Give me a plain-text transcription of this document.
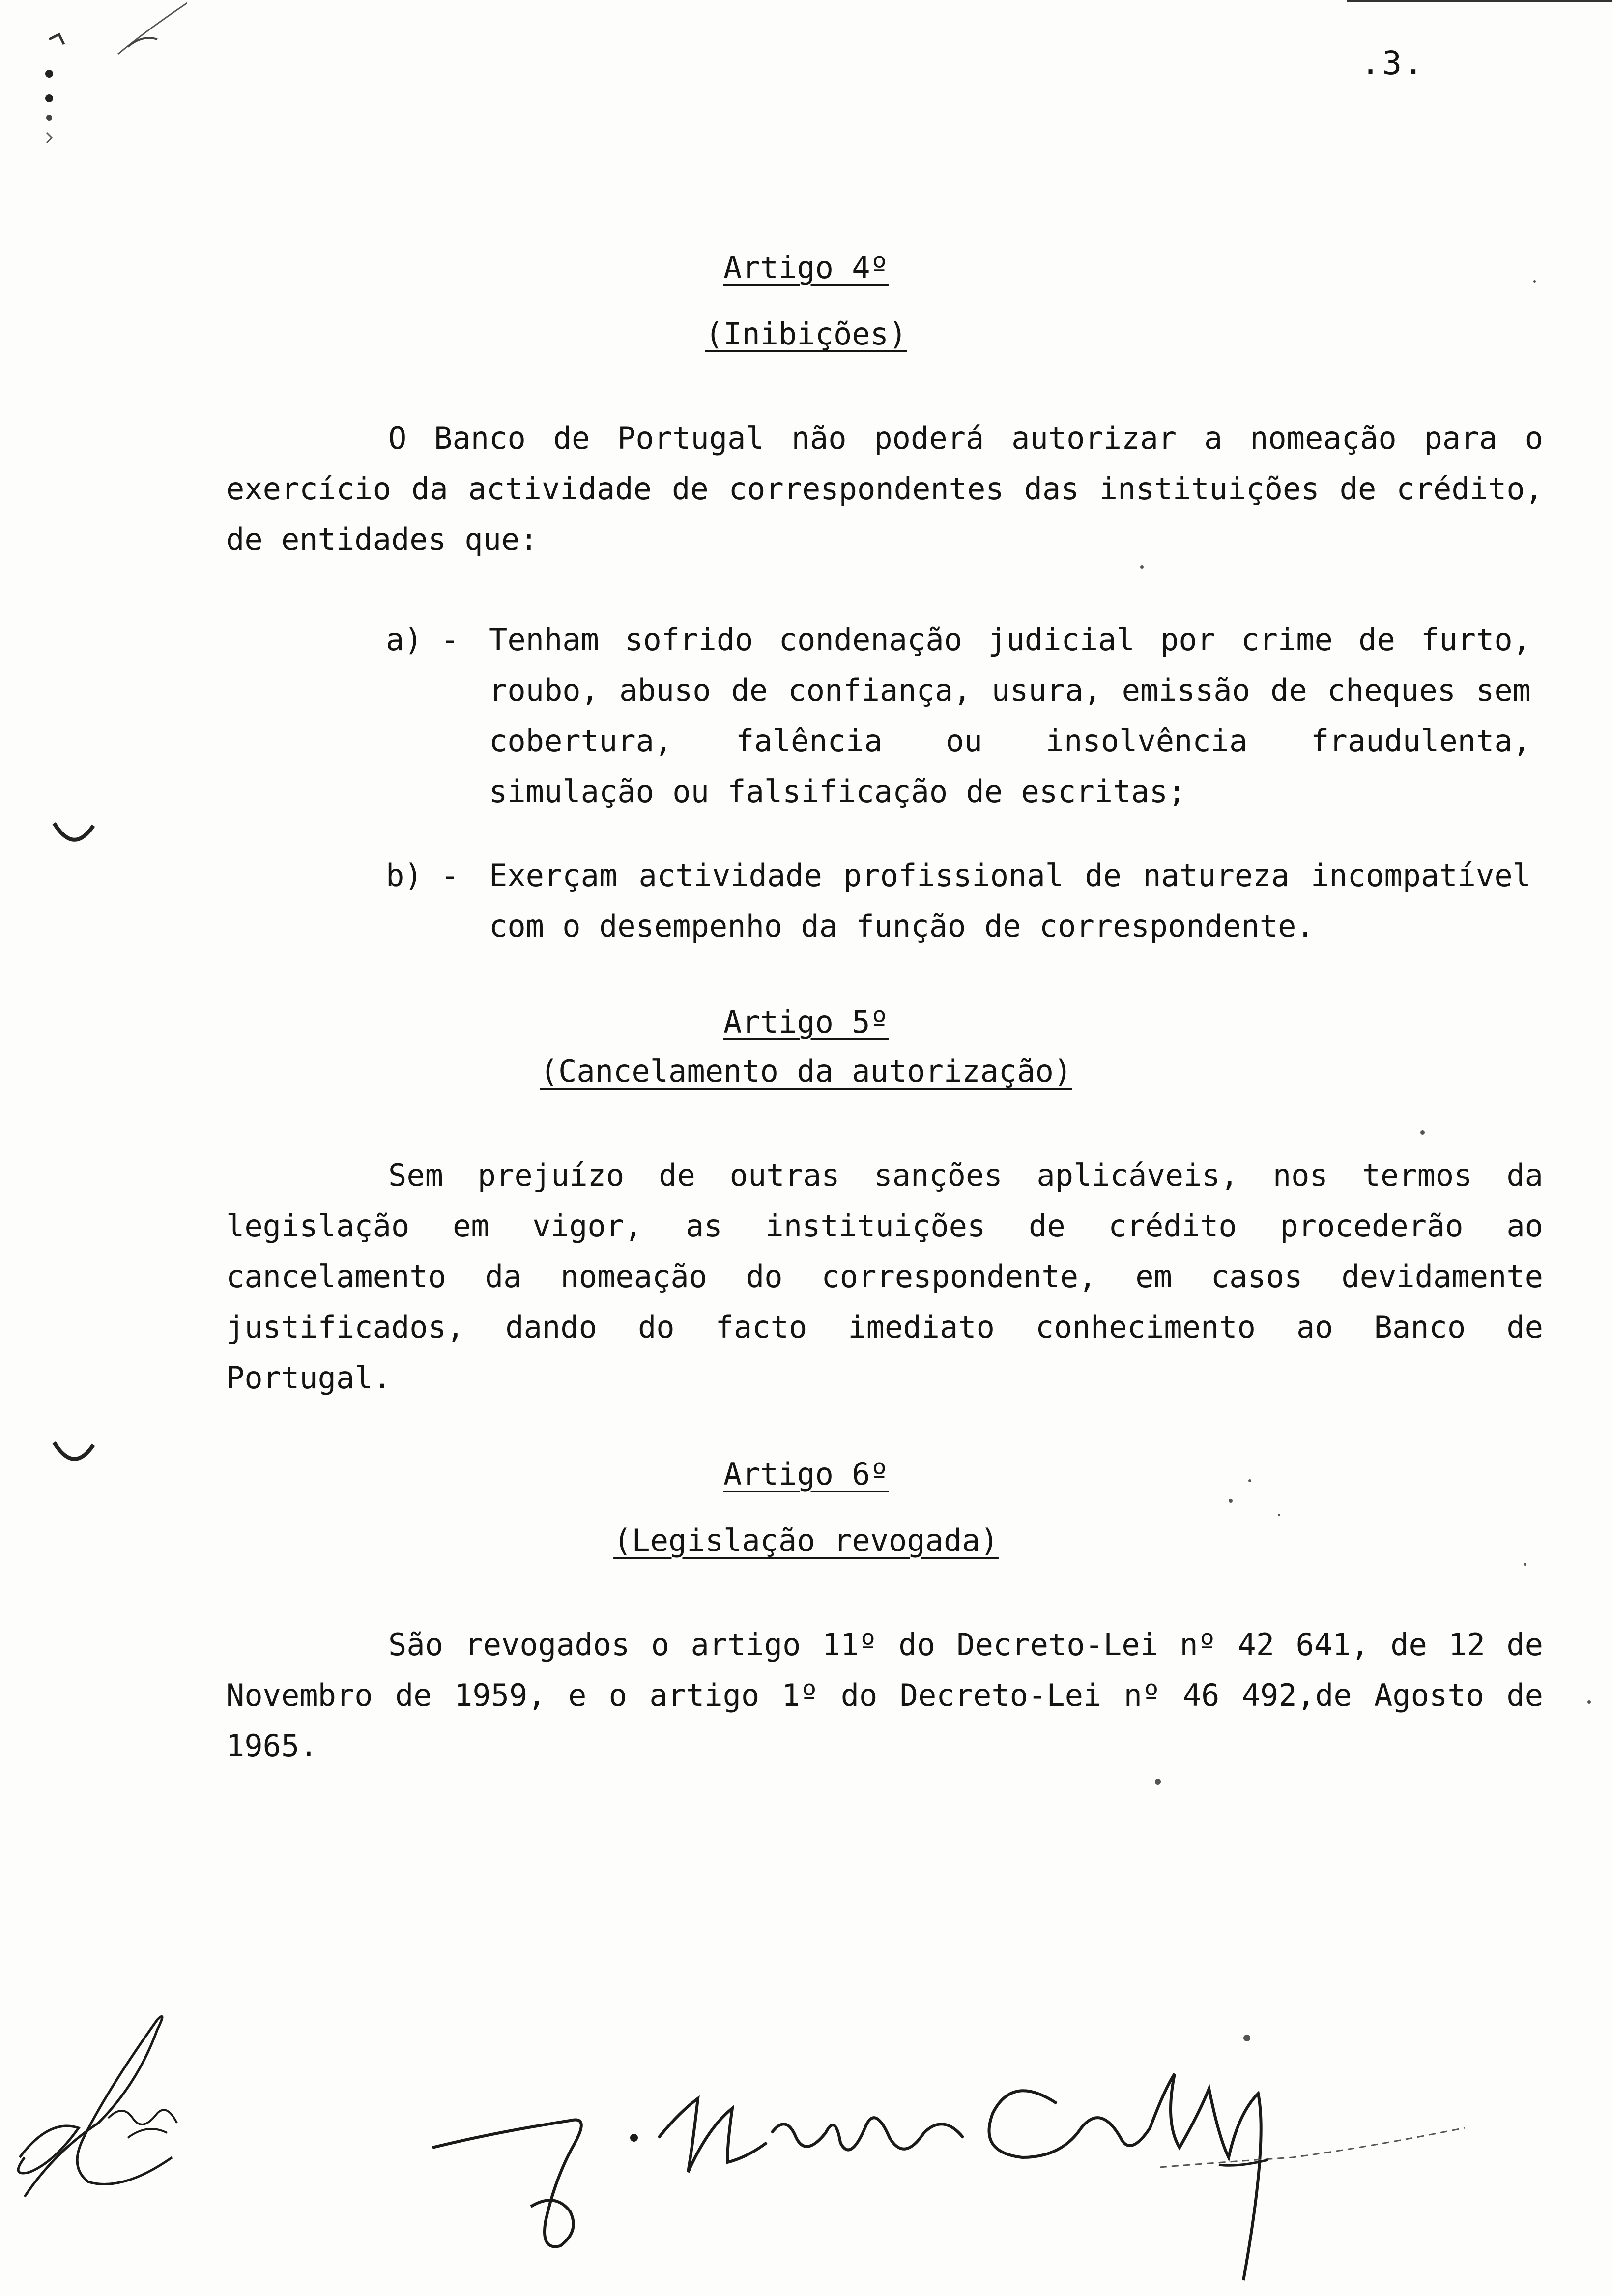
.3.
Artigo 4º
(Inibições)

O Banco de Portugal não poderá autorizar a nomeação para o exercício da actividade de correspondentes das instituições de crédito, de entidades que:

a) - Tenham sofrido condenação judicial por crime de furto, roubo, abuso de confiança, usura, emissão de cheques sem cobertura, falência ou insolvência fraudulenta, simulação ou falsificação de escritas;
b) - Exerçam actividade profissional de natureza incompatível com o desempenho da função de correspondente.
Artigo 5º
(Cancelamento da autorização)

Sem prejuízo de outras sanções aplicáveis, nos termos da legislação em vigor, as instituições de crédito procederão ao cancelamento da nomeação do correspondente, em casos devidamente justificados, dando do facto imediato conhecimento ao Banco de Portugal.

Artigo 6º
(Legislação revogada)

São revogados o artigo 11º do Decreto-Lei nº 42 641, de 12 de Novembro de 1959, e o artigo 1º do Decreto-Lei nº 46 492,de Agosto de 1965.
